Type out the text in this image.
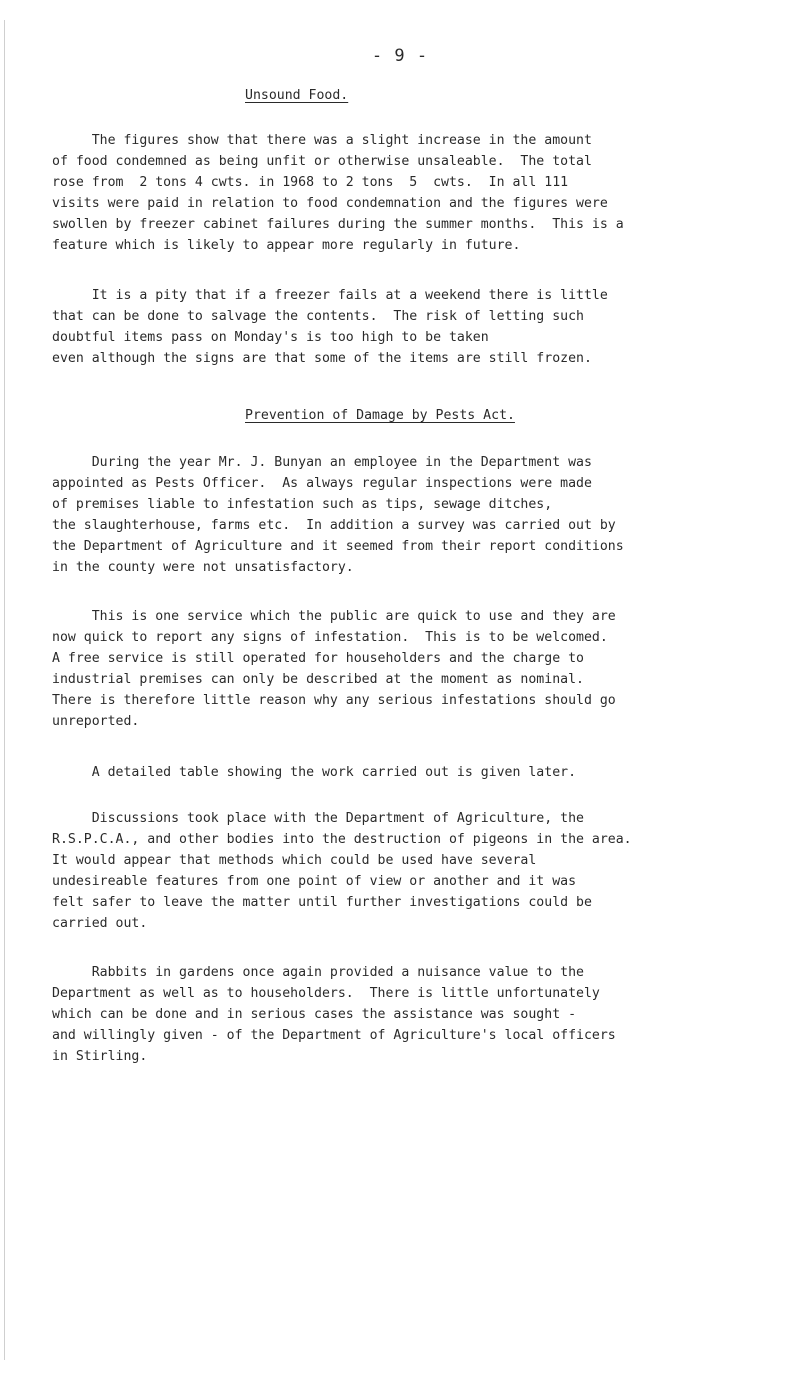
- 9 -
Unsound Food.
The figures show that there was a slight increase in the amount
of food condemned as being unfit or otherwise unsaleable.  The total
rose from  2 tons 4 cwts. in 1968 to 2 tons  5  cwts.  In all 111
visits were paid in relation to food condemnation and the figures were
swollen by freezer cabinet failures during the summer months.  This is a
feature which is likely to appear more regularly in future.
It is a pity that if a freezer fails at a weekend there is little
that can be done to salvage the contents.  The risk of letting such
doubtful items pass on Monday's is too high to be taken
even although the signs are that some of the items are still frozen.
Prevention of Damage by Pests Act.
During the year Mr. J. Bunyan an employee in the Department was
appointed as Pests Officer.  As always regular inspections were made
of premises liable to infestation such as tips, sewage ditches,
the slaughterhouse, farms etc.  In addition a survey was carried out by
the Department of Agriculture and it seemed from their report conditions
in the county were not unsatisfactory.
This is one service which the public are quick to use and they are
now quick to report any signs of infestation.  This is to be welcomed.
A free service is still operated for householders and the charge to
industrial premises can only be described at the moment as nominal.
There is therefore little reason why any serious infestations should go
unreported.
A detailed table showing the work carried out is given later.
Discussions took place with the Department of Agriculture, the
R.S.P.C.A., and other bodies into the destruction of pigeons in the area.
It would appear that methods which could be used have several
undesireable features from one point of view or another and it was
felt safer to leave the matter until further investigations could be
carried out.
Rabbits in gardens once again provided a nuisance value to the
Department as well as to householders.  There is little unfortunately
which can be done and in serious cases the assistance was sought -
and willingly given - of the Department of Agriculture's local officers
in Stirling.
